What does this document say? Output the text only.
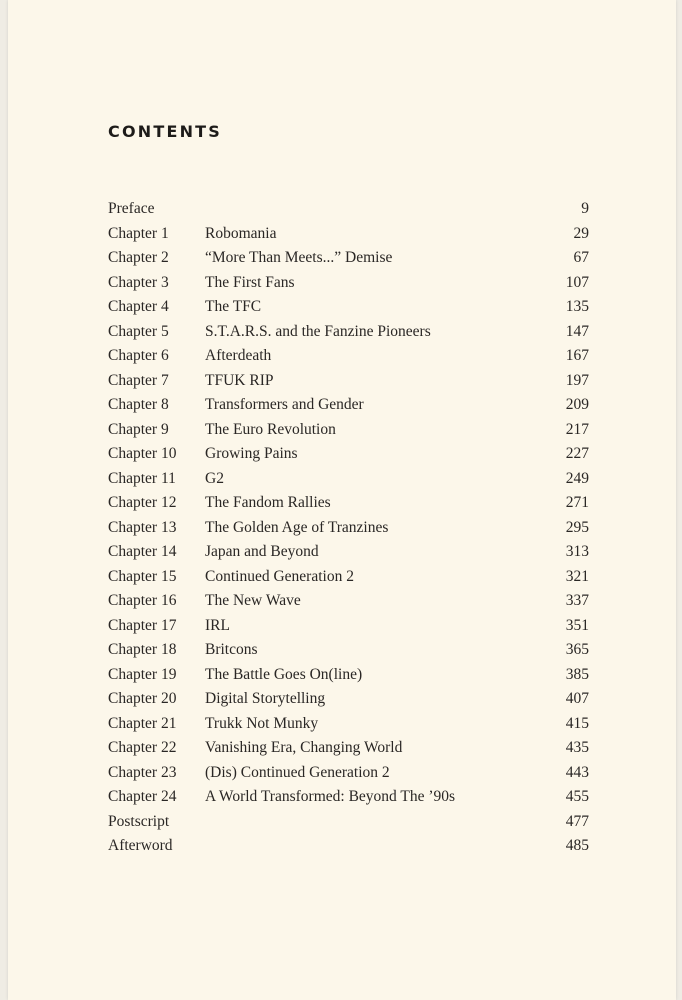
CONTENTS
Preface	9
Chapter 1 Robomania	29
Chapter 2 “More Than Meets...” Demise	67
Chapter 3 The First Fans	107
Chapter 4 The TFC	135
Chapter 5 S.T.A.R.S. and the Fanzine Pioneers	147
Chapter 6 Afterdeath	167
Chapter 7 TFUK RIP	197
Chapter 8 Transformers and Gender	209
Chapter 9 The Euro Revolution	217
Chapter 10 Growing Pains	227
Chapter 11 G2	249
Chapter 12 The Fandom Rallies	271
Chapter 13 The Golden Age of Tranzines	295
Chapter 14 Japan and Beyond	313
Chapter 15 Continued Generation 2	321
Chapter 16 The New Wave	337
Chapter 17 IRL	351
Chapter 18 Britcons	365
Chapter 19 The Battle Goes On(line)	385
Chapter 20 Digital Storytelling	407
Chapter 21 Trukk Not Munky	415
Chapter 22 Vanishing Era, Changing World	435
Chapter 23 (Dis) Continued Generation 2	443
Chapter 24 A World Transformed: Beyond The ’90s	455
Postscript	477
Afterword	485
